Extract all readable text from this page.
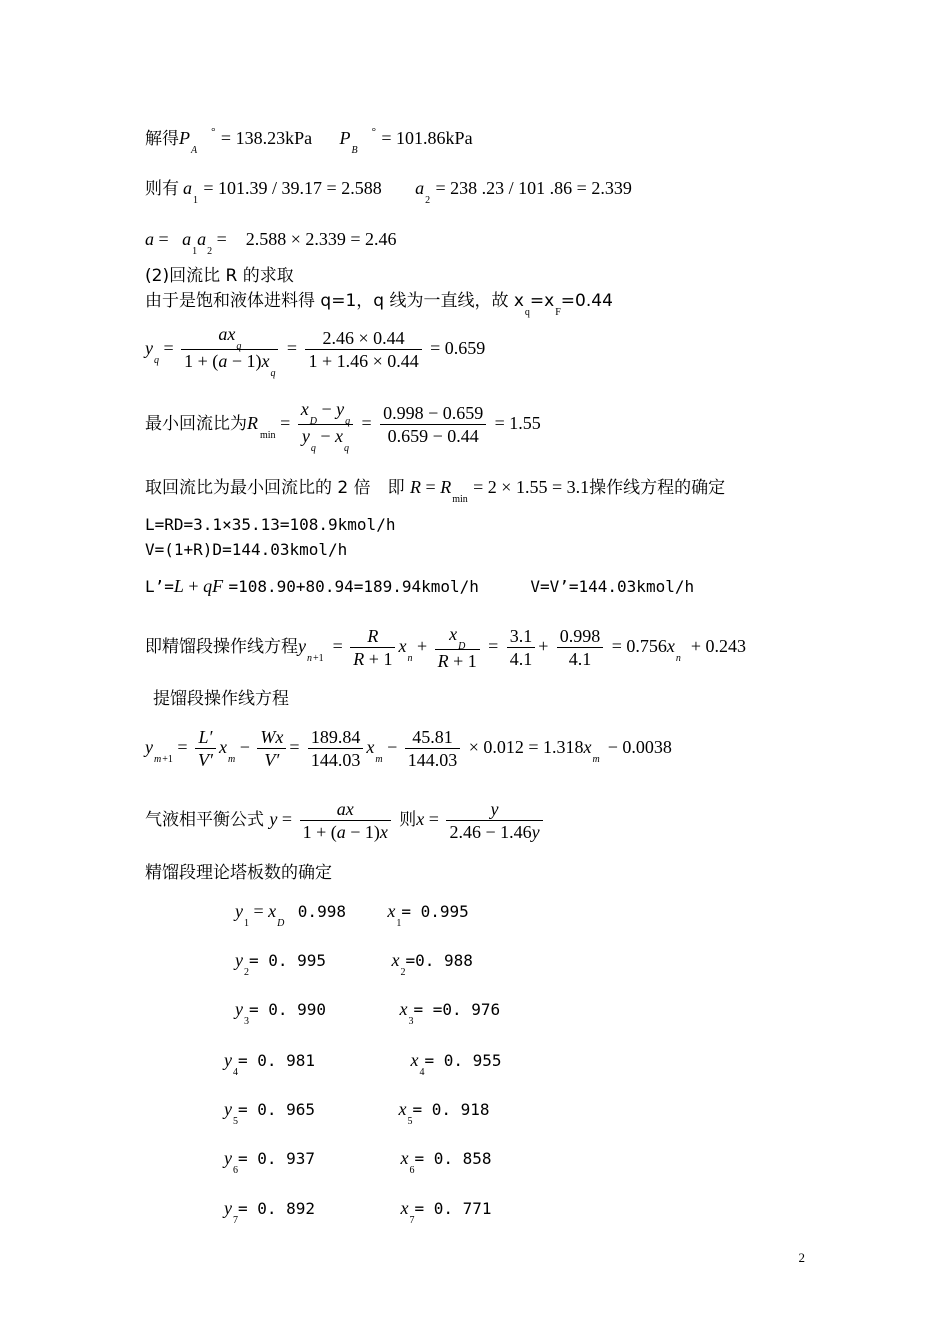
解得$P_A^\circ = 138.23kPa$ $P_B^\circ = 101.86kPa$
则有 $a_1 = 101.39 / 39.17 = 2.588$ $a_2 = 238$ .23 / 101 .86 = 2.339
$a = a_1a_2$ =    2.588 × 2.339 = 2.46
(2)回流比 R 的求取
由于是饱和液体进料得 q=1，q 线为一直线，故 $x_q=x_F=0.44$
$y_q = \frac{ax_q}{1 + (a - 1)x_q} = \frac{2.46 \times 0.44}{1 + 1.46 \times 0.44} = 0.659$
最小回流比为$R_{min} = \frac{x_D - y_q}{y_q - x_q} = \frac{0.998 - 0.659}{0.659 - 0.44} = 1.55$
取回流比为最小回流比的 2 倍　即 $R = R_{min} = 2 \times 1.55 = 3.1$操作线方程的确定
L=RD=3.1×35.13=108.9kmol/h
V=(1+R)D=144.03kmol/h
L’=L + qF =108.90+80.94=189.94kmol/h	V=V’=144.03kmol/h
即精馏段操作线方程$y_{n+1} = \frac{R}{R + 1} x_n + \frac{x_D}{R + 1} = \frac{3.1}{4.1} + \frac{0.998}{4.1} = 0.756x_n+ 0.243$
提馏段操作线方程
$y_{m+1} = \frac{L'}{V'} x_m - \frac{Wx}{V'} = \frac{189.84}{144.03} x_m - \frac{45.81}{144.03} \times 0.012 = 1.318x_m- 0.0038$
气液相平衡公式 $y = \frac{ax}{1 + (a - 1)x}$ 则$x = \frac{y}{2.46 - 1.46y}$
精馏段理论塔板数的确定
$y_1 = x_D$ 0.998 $x_1= 0.995$
$y_2= 0$. 995	$x_2=0$. 988
$y_3= 0$. 990	$x_3= =0$. 976
$y_4= 0$. 981	$x_4= 0$. 955
$y_5= 0$. 965	$x_5= 0$. 918
$y_6= 0$. 937	$x_6= 0$. 858
$y_7= 0$. 892	$x_7= 0$. 771
2
